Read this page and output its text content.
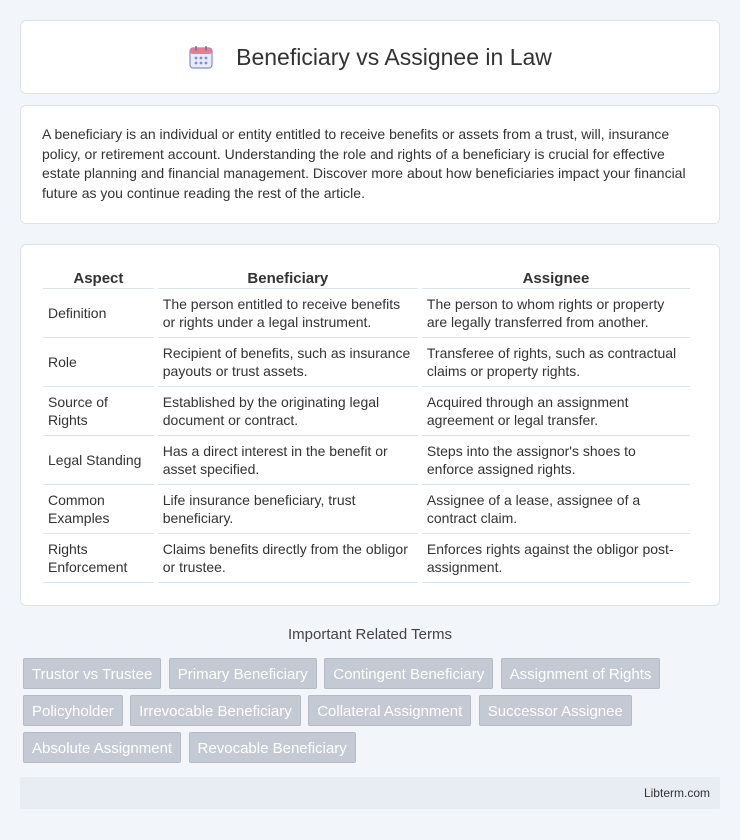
Beneficiary vs Assignee in Law

A beneficiary is an individual or entity entitled to receive benefits or assets from a trust, will, insurance policy, or retirement account. Understanding the role and rights of a beneficiary is crucial for effective estate planning and financial management. Discover more about how beneficiaries impact your financial future as you continue reading the rest of the article.

Aspect	Beneficiary	Assignee
Definition	The person entitled to receive benefits or rights under a legal instrument.	The person to whom rights or property are legally transferred from another.
Role	Recipient of benefits, such as insurance payouts or trust assets.	Transferee of rights, such as contractual claims or property rights.
Source of Rights	Established by the originating legal document or contract.	Acquired through an assignment agreement or legal transfer.
Legal Standing	Has a direct interest in the benefit or asset specified.	Steps into the assignor's shoes to enforce assigned rights.
Common Examples	Life insurance beneficiary, trust beneficiary.	Assignee of a lease, assignee of a contract claim.
Rights Enforcement	Claims benefits directly from the obligor or trustee.	Enforces rights against the obligor post-assignment.
Important Related Terms
Trustor vs Trustee Primary Beneficiary Contingent Beneficiary Assignment of Rights Policyholder Irrevocable Beneficiary Collateral Assignment Successor Assignee Absolute Assignment Revocable Beneficiary
Libterm.com
